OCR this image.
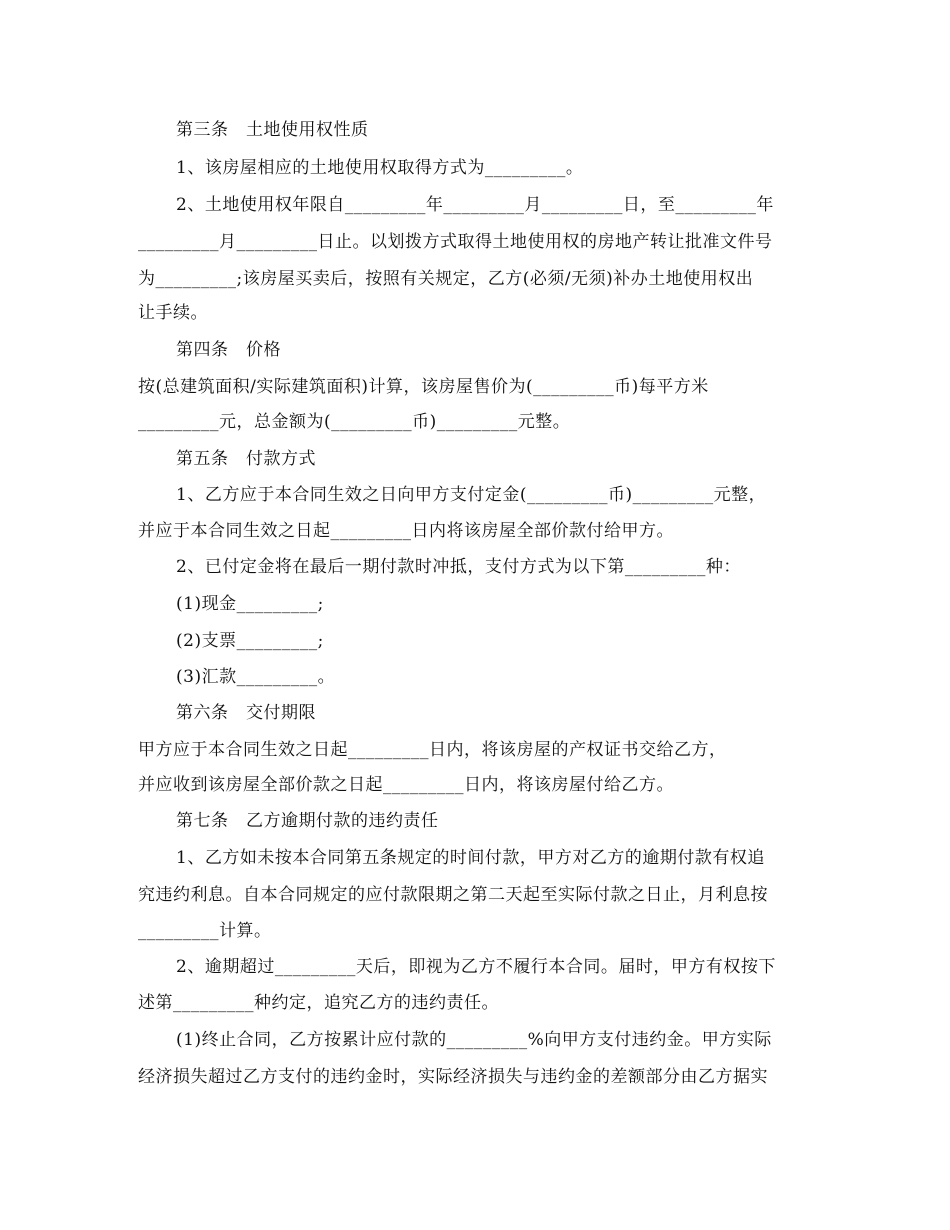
第三条　土地使用权性质
1、该房屋相应的土地使用权取得方式为_________。
2、土地使用权年限自_________年_________月_________日，至_________年
_________月_________日止。以划拨方式取得土地使用权的房地产转让批准文件号
为_________;该房屋买卖后，按照有关规定，乙方(必须/无须)补办土地使用权出
让手续。
第四条　价格
按(总建筑面积/实际建筑面积)计算，该房屋售价为(_________币)每平方米
_________元，总金额为(_________币)_________元整。
第五条　付款方式
1、乙方应于本合同生效之日向甲方支付定金(_________币)_________元整，
并应于本合同生效之日起_________日内将该房屋全部价款付给甲方。
2、已付定金将在最后一期付款时冲抵，支付方式为以下第_________种：
(1)现金_________;
(2)支票_________;
(3)汇款_________。
第六条　交付期限
甲方应于本合同生效之日起_________日内，将该房屋的产权证书交给乙方，
并应收到该房屋全部价款之日起_________日内，将该房屋付给乙方。
第七条　乙方逾期付款的违约责任
1、乙方如未按本合同第五条规定的时间付款，甲方对乙方的逾期付款有权追
究违约利息。自本合同规定的应付款限期之第二天起至实际付款之日止，月利息按
_________计算。
2、逾期超过_________天后，即视为乙方不履行本合同。届时，甲方有权按下
述第_________种约定，追究乙方的违约责任。
(1)终止合同，乙方按累计应付款的_________%向甲方支付违约金。甲方实际
经济损失超过乙方支付的违约金时，实际经济损失与违约金的差额部分由乙方据实
